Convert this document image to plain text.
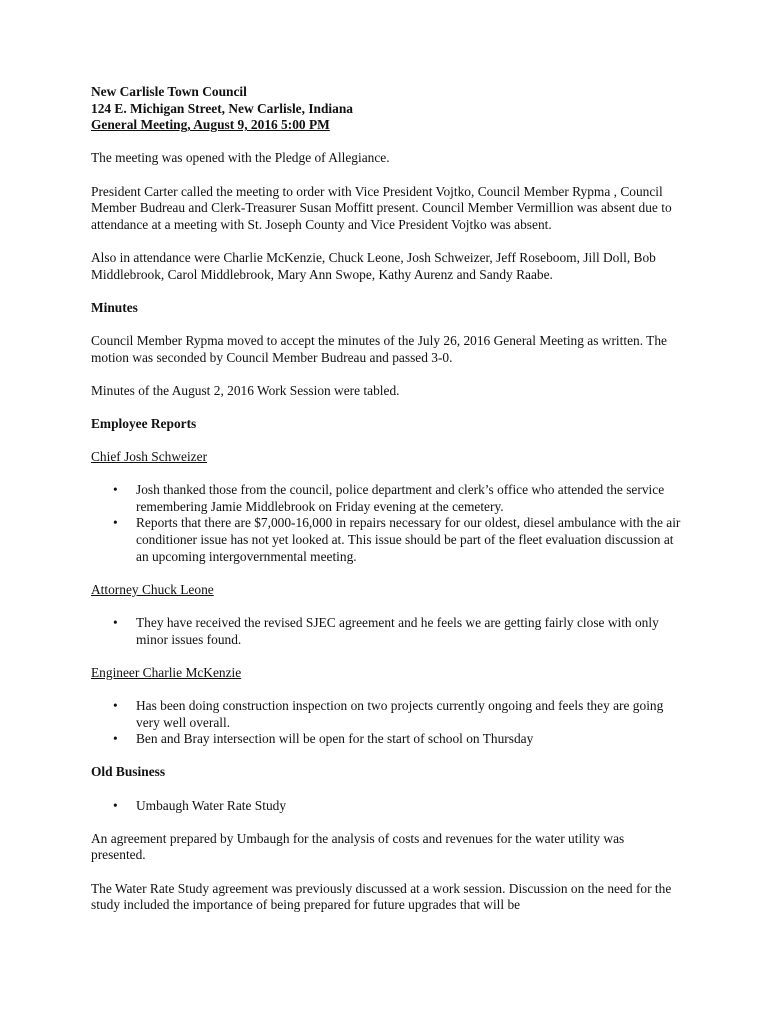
New Carlisle Town Council
124 E. Michigan Street, New Carlisle, Indiana
General Meeting, August 9, 2016 5:00 PM

The meeting was opened with the Pledge of Allegiance.

President Carter called the meeting to order with Vice President Vojtko, Council Member Rypma , Council Member Budreau and Clerk-Treasurer Susan Moffitt present. Council Member Vermillion was absent due to attendance at a meeting with St. Joseph County and Vice President Vojtko was absent.

Also in attendance were Charlie McKenzie, Chuck Leone, Josh Schweizer, Jeff Roseboom, Jill Doll, Bob Middlebrook, Carol Middlebrook, Mary Ann Swope, Kathy Aurenz and Sandy Raabe.

Minutes

Council Member Rypma moved to accept the minutes of the July 26, 2016 General Meeting as written. The motion was seconded by Council Member Budreau and passed 3-0.

Minutes of the August 2, 2016 Work Session were tabled.

Employee Reports
Chief Josh Schweizer
• Josh thanked those from the council, police department and clerk’s office who attended the service remembering Jamie Middlebrook on Friday evening at the cemetery.
• Reports that there are $7,000-16,000 in repairs necessary for our oldest, diesel ambulance with the air conditioner issue has not yet looked at. This issue should be part of the fleet evaluation discussion at an upcoming intergovernmental meeting.
Attorney Chuck Leone
• They have received the revised SJEC agreement and he feels we are getting fairly close with only minor issues found.
Engineer Charlie McKenzie
• Has been doing construction inspection on two projects currently ongoing and feels they are going very well overall.
• Ben and Bray intersection will be open for the start of school on Thursday
Old Business
• Umbaugh Water Rate Study

An agreement prepared by Umbaugh for the analysis of costs and revenues for the water utility was presented.

The Water Rate Study agreement was previously discussed at a work session. Discussion on the need for the study included the importance of being prepared for future upgrades that will be
